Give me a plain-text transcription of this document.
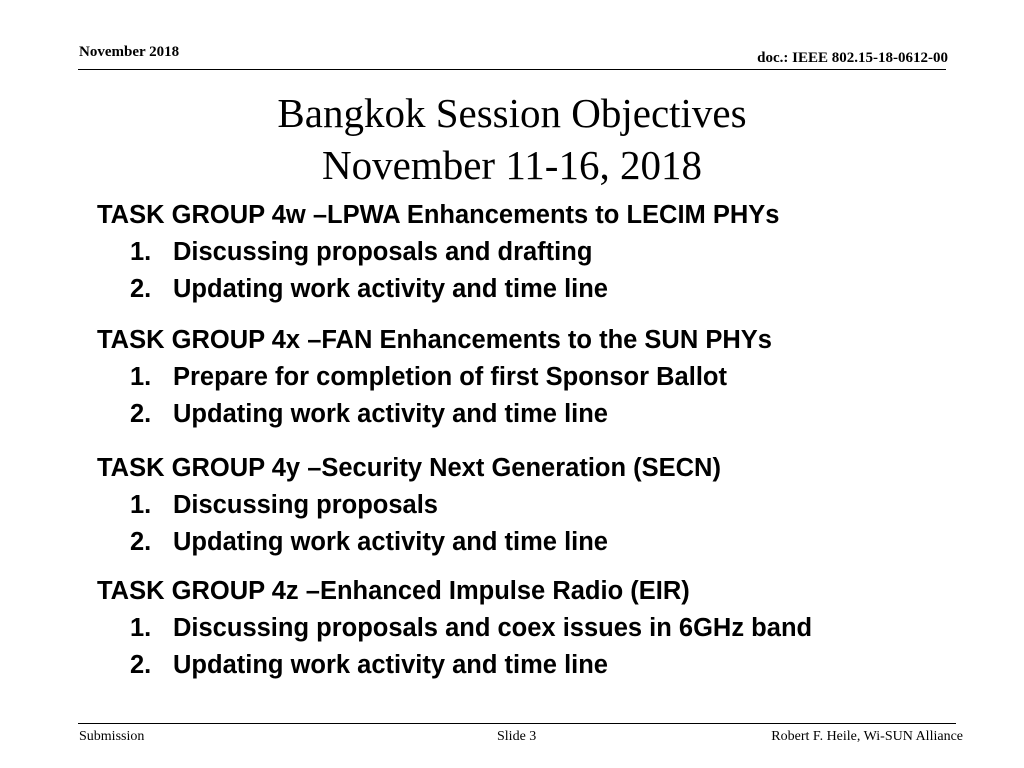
November 2018	doc.: IEEE 802.15-18-0612-00
Bangkok Session Objectives
November 11-16, 2018
TASK GROUP 4w –LPWA Enhancements to LECIM PHYs
1. Discussing proposals and drafting
2. Updating work activity and time line
TASK GROUP 4x –FAN Enhancements to the SUN PHYs
1. Prepare for completion of first Sponsor Ballot
2. Updating work activity and time line
TASK GROUP 4y –Security Next Generation (SECN)
1. Discussing proposals
2. Updating work activity and time line
TASK GROUP 4z –Enhanced Impulse Radio (EIR)
1. Discussing proposals and coex issues in 6GHz band
2. Updating work activity and time line
Submission	Slide 3	Robert F. Heile, Wi-SUN Alliance
